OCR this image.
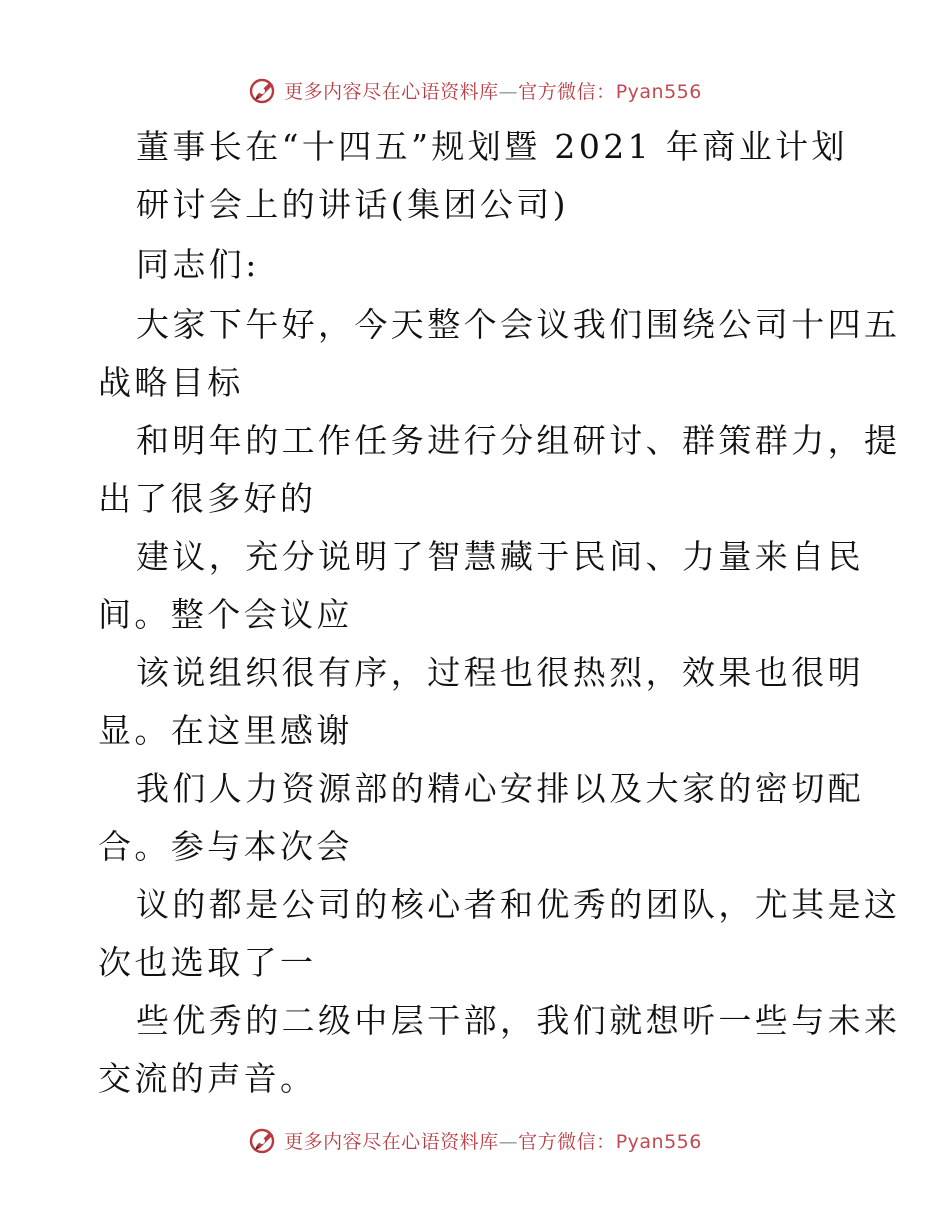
更多内容尽在心语资料库—官方微信：Pyan556
董事长在“十四五”规划暨 2021 年商业计划
研讨会上的讲话(集团公司)
同志们:
大家下午好，今天整个会议我们围绕公司十四五
战略目标
和明年的工作任务进行分组研讨、群策群力，提
出了很多好的
建议，充分说明了智慧藏于民间、力量来自民
间。整个会议应
该说组织很有序，过程也很热烈，效果也很明
显。在这里感谢
我们人力资源部的精心安排以及大家的密切配
合。参与本次会
议的都是公司的核心者和优秀的团队，尤其是这
次也选取了一
些优秀的二级中层干部，我们就想听一些与未来
交流的声音。
更多内容尽在心语资料库—官方微信：Pyan556
